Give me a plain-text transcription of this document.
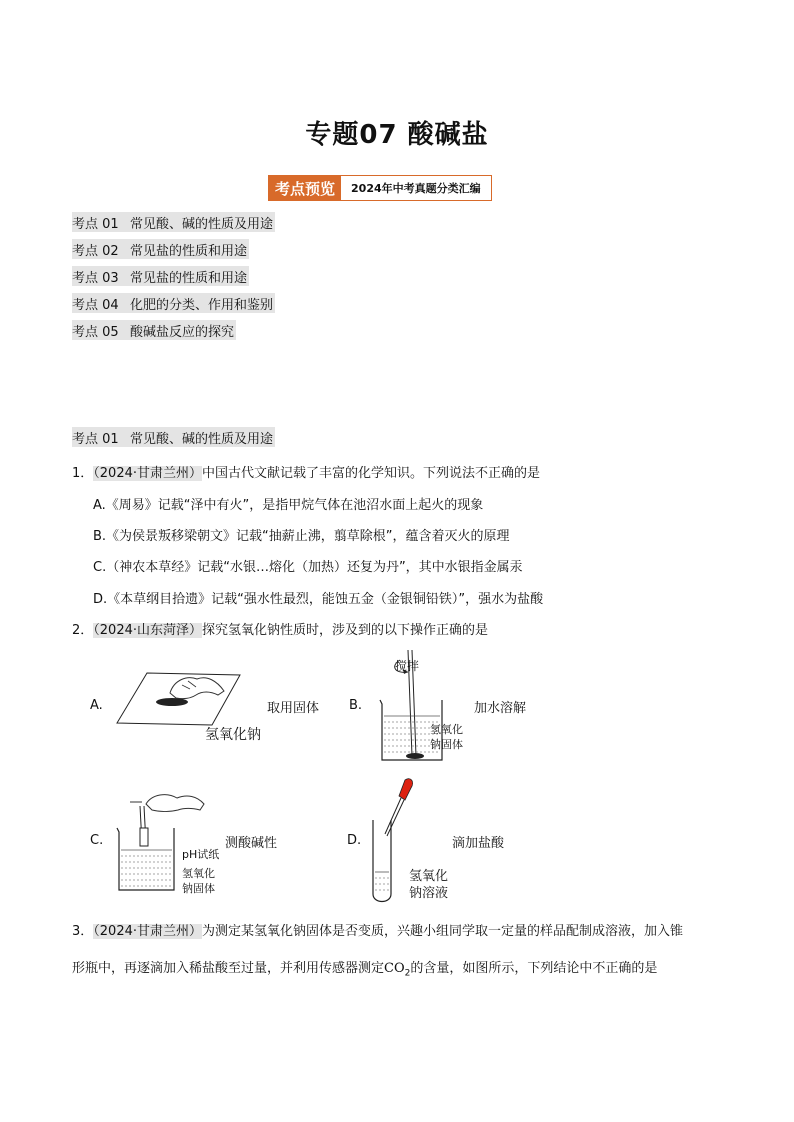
专题07 酸碱盐
考点预览	2024年中考真题分类汇编
考点 01 常见酸、碱的性质及用途
考点 02 常见盐的性质和用途
考点 03 常见盐的性质和用途
考点 04 化肥的分类、作用和鉴别
考点 05 酸碱盐反应的探究
考点 01 常见酸、碱的性质及用途
1．（2024·甘肃兰州）中国古代文献记载了丰富的化学知识。下列说法不正确的是
A.《周易》记载“泽中有火”，是指甲烷气体在池沼水面上起火的现象
B.《为侯景叛移梁朝文》记载“抽薪止沸，翦草除根”，蕴含着灭火的原理
C.（神农本草经》记载“水银…熔化（加热）还复为丹”，其中水银指金属汞
D.《本草纲目拾遗》记载“强水性最烈，能蚀五金（金银铜铅铁）”，强水为盐酸
2．（2024·山东菏泽）探究氢氧化钠性质时，涉及到的以下操作正确的是
A.
氢氧化钠
取用固体 B.
搅拌
氢氧化
钠固体
加水溶解
C.
pH试纸
氢氧化
钠固体
测酸碱性	D.
氢氧化
钠溶液
滴加盐酸
3．（2024·甘肃兰州）为测定某氢氧化钠固体是否变质，兴趣小组同学取一定量的样品配制成溶液，加入锥
形瓶中，再逐滴加入稀盐酸至过量，并利用传感器测定$CO_2$的含量，如图所示，下列结论中不正确的是
